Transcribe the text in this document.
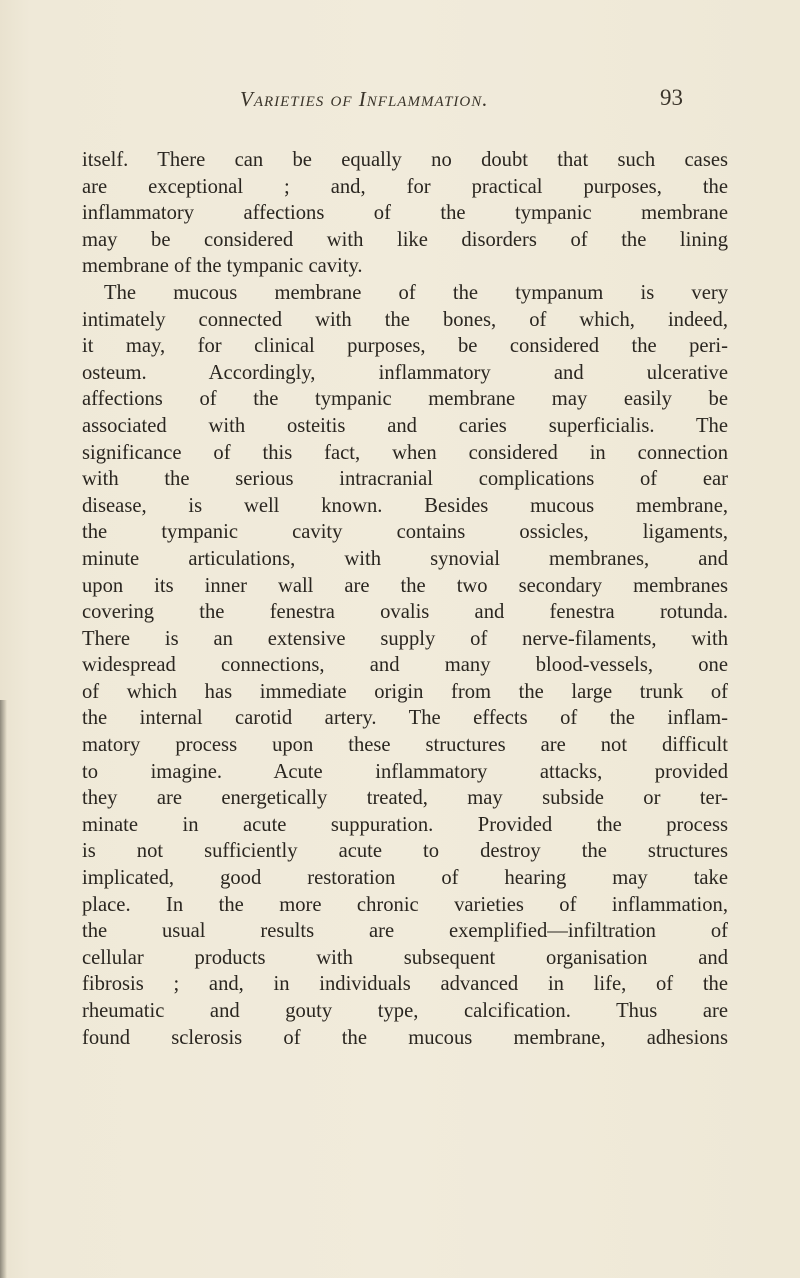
Varieties of Inflammation.	93
itself. There can be equally no doubt that such cases
are exceptional ; and, for practical purposes, the
inflammatory affections of the tympanic membrane
may be considered with like disorders of the lining
membrane of the tympanic cavity.
The mucous membrane of the tympanum is very
intimately connected with the bones, of which, indeed,
it may, for clinical purposes, be considered the peri-
osteum. Accordingly, inflammatory and ulcerative
affections of the tympanic membrane may easily be
associated with osteitis and caries superficialis. The
significance of this fact, when considered in connection
with the serious intracranial complications of ear
disease, is well known. Besides mucous membrane,
the tympanic cavity contains ossicles, ligaments,
minute articulations, with synovial membranes, and
upon its inner wall are the two secondary membranes
covering the fenestra ovalis and fenestra rotunda.
There is an extensive supply of nerve-filaments, with
widespread connections, and many blood-vessels, one
of which has immediate origin from the large trunk of
the internal carotid artery. The effects of the inflam-
matory process upon these structures are not difficult
to imagine. Acute inflammatory attacks, provided
they are energetically treated, may subside or ter-
minate in acute suppuration. Provided the process
is not sufficiently acute to destroy the structures
implicated, good restoration of hearing may take
place. In the more chronic varieties of inflammation,
the usual results are exemplified—infiltration of
cellular products with subsequent organisation and
fibrosis ; and, in individuals advanced in life, of the
rheumatic and gouty type, calcification. Thus are
found sclerosis of the mucous membrane, adhesions
